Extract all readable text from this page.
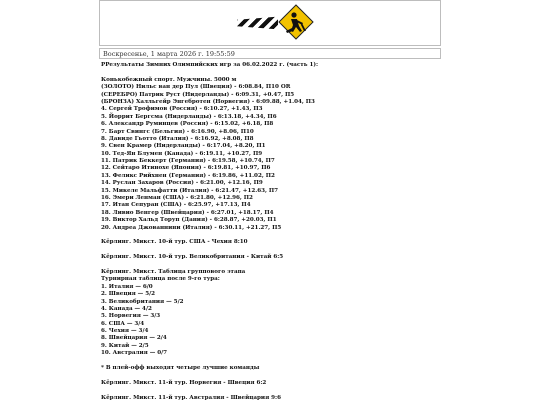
Воскресенье, 1 марта 2026 г. 19:55:59
РРезультаты Зимних Олимпийских игр за 06.02.2022 г. (часть 1):
Конькобежный спорт. Мужчины. 5000 м
(ЗОЛОТО) Нильс ван дер Пул (Швеция) - 6:08.84, П10 OR
(СЕРЕБРО) Патрик Руст (Нидерланды) - 6:09.31, +0.47, П5
(БРОНЗА) Халльгейр Энгебротен (Норвегия) - 6:09.88, +1.04, П3
4. Сергей Трофимов (Россия) - 6:10.27, +1.43, П3
5. Йоррит Бергсма (Нидерланды) - 6:13.18, +4.34, П6
6. Александр Руминцев (Россия) - 6:15.02, +6.18, П8
7. Барт Свингс (Бельгия) - 6:16.90, +8.06, П10
8. Давиде Гьотто (Италия) - 6:16.92, +8.08, П8
9. Свен Крамер (Нидерланды) - 6:17.04, +8.20, П1
10. Тед-Ян Блумен (Канада) - 6:19.11, +10.27, П9
11. Патрик Беккерт (Германия) - 6:19.58, +10.74, П7
12. Сейтаро Итинохе (Япония) - 6:19.81, +10.97, П6
13. Феликс Рийхнен (Германия) - 6:19.86, +11.02, П2
14. Руслан Захаров (Россия) - 6:21.00, +12.16, П9
15. Микеле Мальфатти (Италия) - 6:21.47, +12.63, П7
16. Эмери Ленман (США) - 6:21.80, +12.96, П2
17. Итан Сепуран (США) - 6:25.97, +17.13, П4
18. Ливио Венгер (Швейцария) - 6:27.01, +18.17, П4
19. Виктор Хальд Торуп (Дания) - 6:28.87, +20.03, П1
20. Андреа Джованнини (Италия) - 6:30.11, +21.27, П5
Кёрлинг. Микст. 10-й тур. США - Чехия 8:10
Кёрлинг. Микст. 10-й тур. Великобритания - Китай 6:5
Кёрлинг. Микст. Таблица группового этапа
Турнирная таблица после 9-го тура:
1. Италия — 6/0
2. Швеция — 5/2
3. Великобритания — 5/2
4. Канада — 4/2
5. Норвегия — 3/3
6. США — 3/4
6. Чехия — 3/4
8. Швейцария — 2/4
9. Китай — 2/5
10. Австралия — 0/7
* В плей-офф выходят четыре лучшие команды
Кёрлинг. Микст. 11-й тур. Норвегия - Швеция 6:2
Кёрлинг. Микст. 11-й тур. Австралия - Швейцария 9:6
